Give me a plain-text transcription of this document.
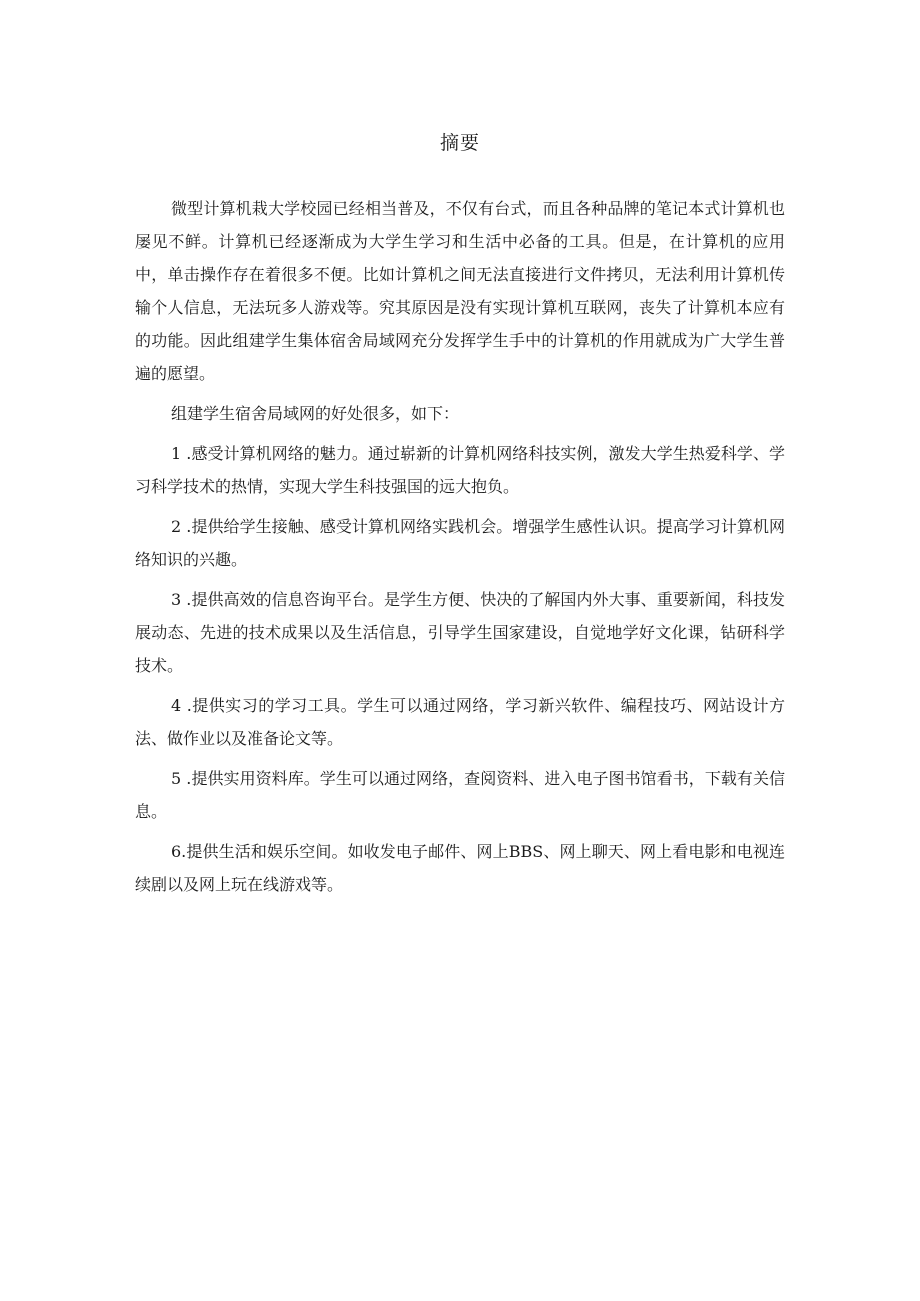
摘要

微型计算机栽大学校园已经相当普及，不仅有台式，而且各种品牌的笔记本式计算机也屡见不鲜。计算机已经逐渐成为大学生学习和生活中必备的工具。但是，在计算机的应用中，单击操作存在着很多不便。比如计算机之间无法直接进行文件拷贝，无法利用计算机传输个人信息，无法玩多人游戏等。究其原因是没有实现计算机互联网，丧失了计算机本应有的功能。因此组建学生集体宿舍局域网充分发挥学生手中的计算机的作用就成为广大学生普遍的愿望。

组建学生宿舍局域网的好处很多，如下：

1 .感受计算机网络的魅力。通过崭新的计算机网络科技实例，激发大学生热爱科学、学习科学技术的热情，实现大学生科技强国的远大抱负。

2 .提供给学生接触、感受计算机网络实践机会。增强学生感性认识。提高学习计算机网络知识的兴趣。

3 .提供高效的信息咨询平台。是学生方便、快决的了解国内外大事、重要新闻，科技发展动态、先进的技术成果以及生活信息，引导学生国家建设，自觉地学好文化课，钻研科学技术。

4 .提供实习的学习工具。学生可以通过网络，学习新兴软件、编程技巧、网站设计方法、做作业以及准备论文等。

5 .提供实用资料库。学生可以通过网络，查阅资料、进入电子图书馆看书，下载有关信息。

6.提供生活和娱乐空间。如收发电子邮件、网上BBS、网上聊天、网上看电影和电视连续剧以及网上玩在线游戏等。
